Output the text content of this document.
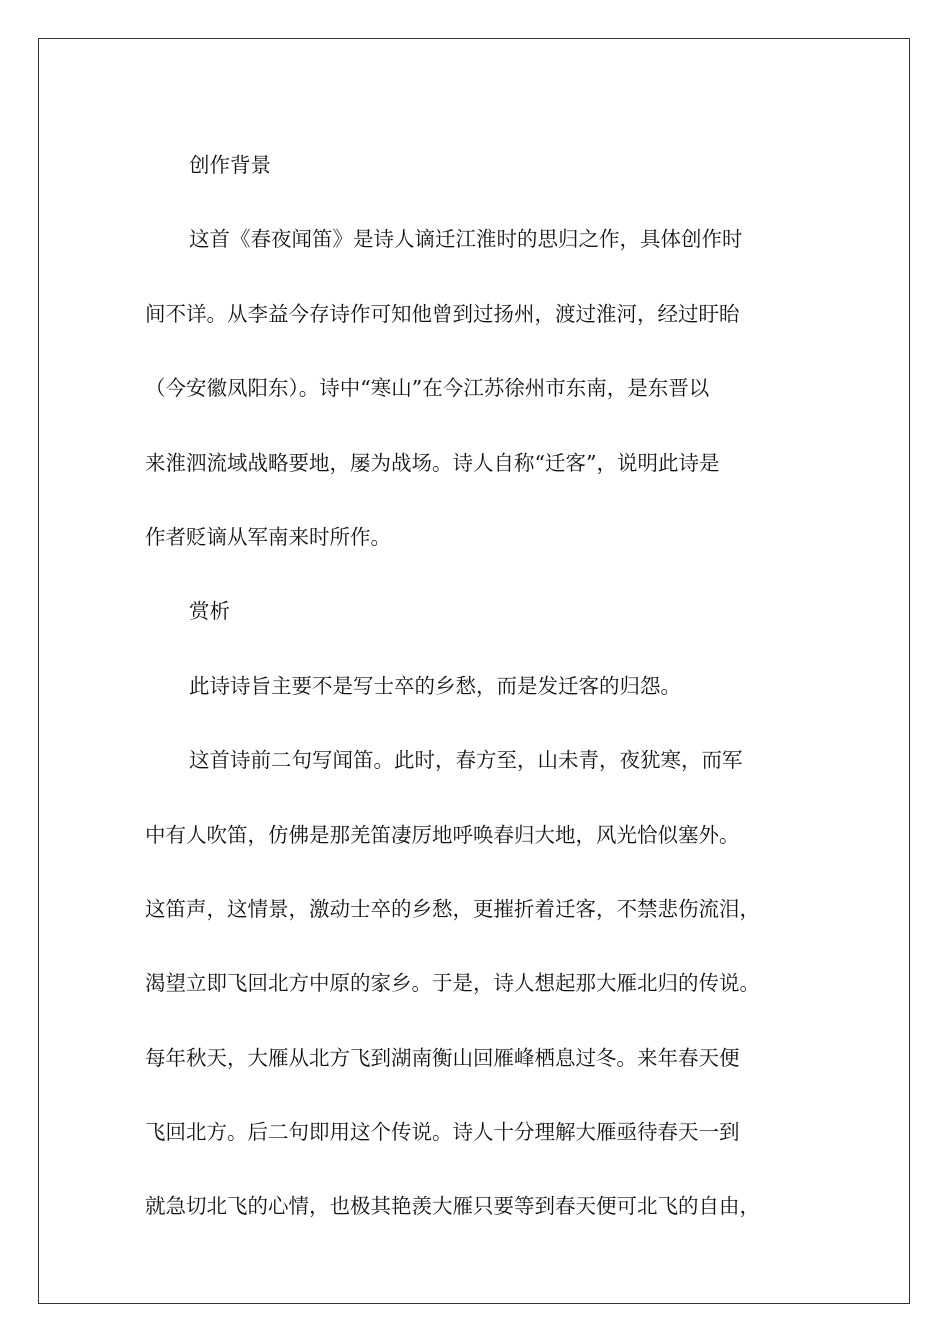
创作背景
这首《春夜闻笛》是诗人谪迁江淮时的思归之作，具体创作时
间不详。从李益今存诗作可知他曾到过扬州，渡过淮河，经过盱眙
（今安徽凤阳东）。诗中“寒山”在今江苏徐州市东南，是东晋以
来淮泗流域战略要地，屡为战场。诗人自称“迁客”，说明此诗是
作者贬谪从军南来时所作。
赏析
此诗诗旨主要不是写士卒的乡愁，而是发迁客的归怨。
这首诗前二句写闻笛。此时，春方至，山未青，夜犹寒，而军
中有人吹笛，仿佛是那羌笛凄厉地呼唤春归大地，风光恰似塞外。
这笛声，这情景，激动士卒的乡愁，更摧折着迁客，不禁悲伤流泪，
渴望立即飞回北方中原的家乡。于是，诗人想起那大雁北归的传说。
每年秋天，大雁从北方飞到湖南衡山回雁峰栖息过冬。来年春天便
飞回北方。后二句即用这个传说。诗人十分理解大雁亟待春天一到
就急切北飞的心情，也极其艳羡大雁只要等到春天便可北飞的自由，
